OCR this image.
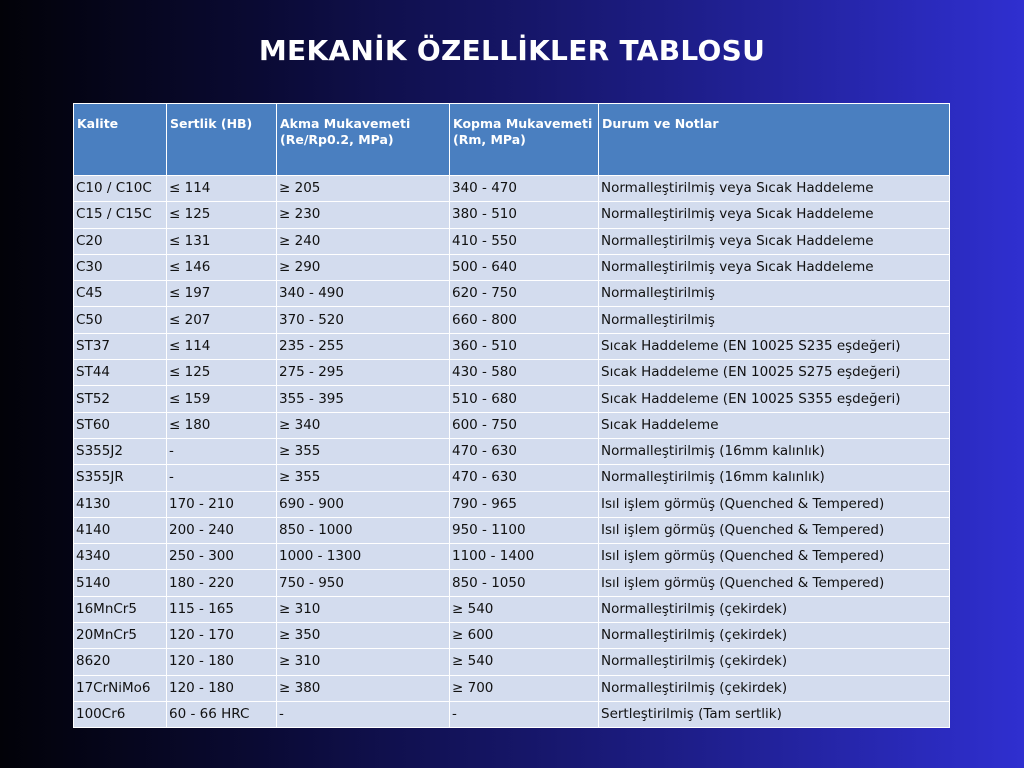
MEKANİK ÖZELLİKLER TABLOSU
Kalite	Sertlik (HB)	Akma Mukavemeti (Re/Rp0.2, MPa)	Kopma Mukavemeti (Rm, MPa)	Durum ve Notlar
C10 / C10C	≤ 114	≥ 205	340 - 470	Normalleştirilmiş veya Sıcak Haddeleme
C15 / C15C	≤ 125	≥ 230	380 - 510	Normalleştirilmiş veya Sıcak Haddeleme
C20	≤ 131	≥ 240	410 - 550	Normalleştirilmiş veya Sıcak Haddeleme
C30	≤ 146	≥ 290	500 - 640	Normalleştirilmiş veya Sıcak Haddeleme
C45	≤ 197	340 - 490	620 - 750	Normalleştirilmiş
C50	≤ 207	370 - 520	660 - 800	Normalleştirilmiş
ST37	≤ 114	235 - 255	360 - 510	Sıcak Haddeleme (EN 10025 S235 eşdeğeri)
ST44	≤ 125	275 - 295	430 - 580	Sıcak Haddeleme (EN 10025 S275 eşdeğeri)
ST52	≤ 159	355 - 395	510 - 680	Sıcak Haddeleme (EN 10025 S355 eşdeğeri)
ST60	≤ 180	≥ 340	600 - 750	Sıcak Haddeleme
S355J2	-	≥ 355	470 - 630	Normalleştirilmiş (16mm kalınlık)
S355JR	-	≥ 355	470 - 630	Normalleştirilmiş (16mm kalınlık)
4130	170 - 210	690 - 900	790 - 965	Isıl işlem görmüş (Quenched & Tempered)
4140	200 - 240	850 - 1000	950 - 1100	Isıl işlem görmüş (Quenched & Tempered)
4340	250 - 300	1000 - 1300	1100 - 1400	Isıl işlem görmüş (Quenched & Tempered)
5140	180 - 220	750 - 950	850 - 1050	Isıl işlem görmüş (Quenched & Tempered)
16MnCr5	115 - 165	≥ 310	≥ 540	Normalleştirilmiş (çekirdek)
20MnCr5	120 - 170	≥ 350	≥ 600	Normalleştirilmiş (çekirdek)
8620	120 - 180	≥ 310	≥ 540	Normalleştirilmiş (çekirdek)
17CrNiMo6	120 - 180	≥ 380	≥ 700	Normalleştirilmiş (çekirdek)
100Cr6	60 - 66 HRC	-	-	Sertleştirilmiş (Tam sertlik)
